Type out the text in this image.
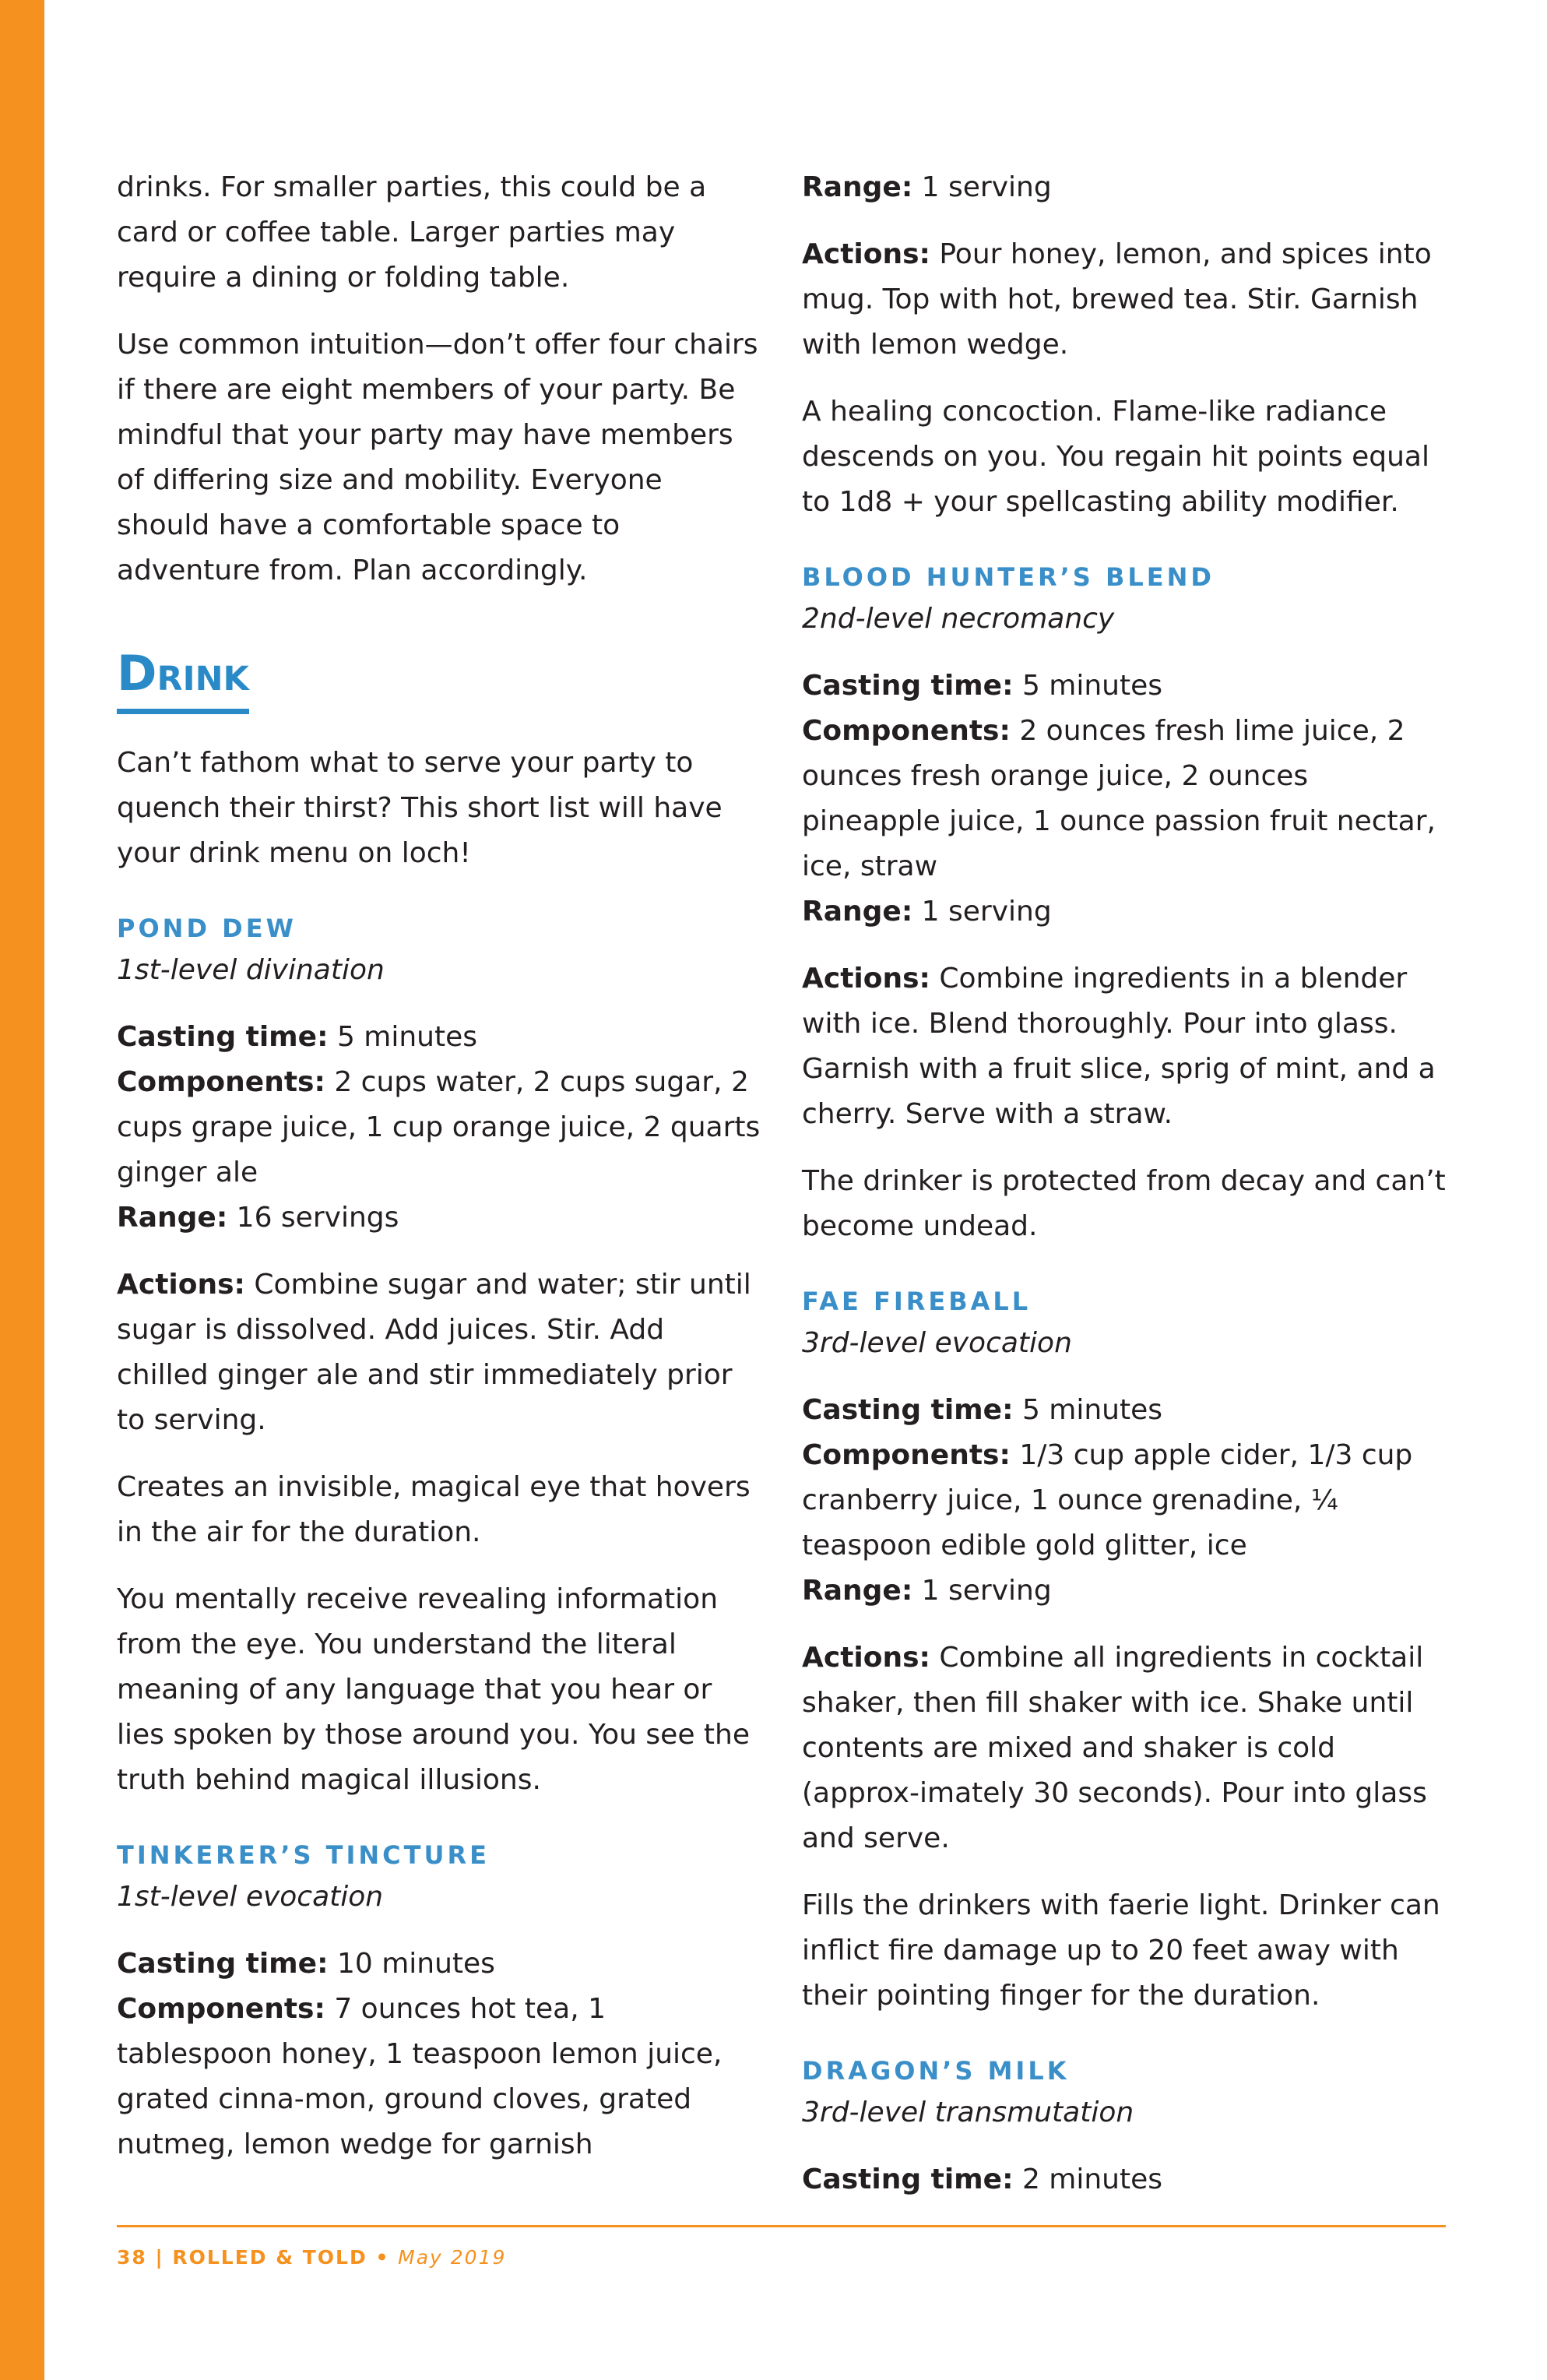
drinks. For smaller parties, this could be a card or coffee table. Larger parties may require a dining or folding table.

Use common intuition—don’t offer four chairs if there are eight members of your party. Be mindful that your party may have members of differing size and mobility. Everyone should have a comfortable space to adventure from. Plan accordingly.

Drink

Can’t fathom what to serve your party to quench their thirst? This short list will have your drink menu on loch!

POND DEW
1st-level divination

Casting time: 5 minutes

Components: 2 cups water, 2 cups sugar, 2 cups grape juice, 1 cup orange juice, 2 quarts ginger ale

Range: 16 servings

Actions: Combine sugar and water; stir until sugar is dissolved. Add juices. Stir. Add chilled ginger ale and stir immediately prior to serving.

Creates an invisible, magical eye that hovers in the air for the duration.

You mentally receive revealing information from the eye. You understand the literal meaning of any language that you hear or lies spoken by those around you. You see the truth behind magical illusions.

TINKERER’S TINCTURE
1st-level evocation

Casting time: 10 minutes

Components: 7 ounces hot tea, 1 tablespoon honey, 1 teaspoon lemon juice, grated cinna-mon, ground cloves, grated nutmeg, lemon wedge for garnish

Range: 1 serving

Actions: Pour honey, lemon, and spices into mug. Top with hot, brewed tea. Stir. Garnish with lemon wedge.

A healing concoction. Flame-like radiance descends on you. You regain hit points equal to 1d8 + your spellcasting ability modifier.

BLOOD HUNTER’S BLEND
2nd-level necromancy

Casting time: 5 minutes

Components: 2 ounces fresh lime juice, 2 ounces fresh orange juice, 2 ounces pineapple juice, 1 ounce passion fruit nectar, ice, straw

Range: 1 serving

Actions: Combine ingredients in a blender with ice. Blend thoroughly. Pour into glass. Garnish with a fruit slice, sprig of mint, and a cherry. Serve with a straw.

The drinker is protected from decay and can’t become undead.

FAE FIREBALL
3rd-level evocation

Casting time: 5 minutes

Components: 1/3 cup apple cider, 1/3 cup cranberry juice, 1 ounce grenadine, ¼ teaspoon edible gold glitter, ice

Range: 1 serving

Actions: Combine all ingredients in cocktail shaker, then fill shaker with ice. Shake until contents are mixed and shaker is cold (approx-imately 30 seconds). Pour into glass and serve.

Fills the drinkers with faerie light. Drinker can inflict fire damage up to 20 feet away with their pointing finger for the duration.

DRAGON’S MILK
3rd-level transmutation

Casting time: 2 minutes

38 | ROLLED & TOLD • May 2019
